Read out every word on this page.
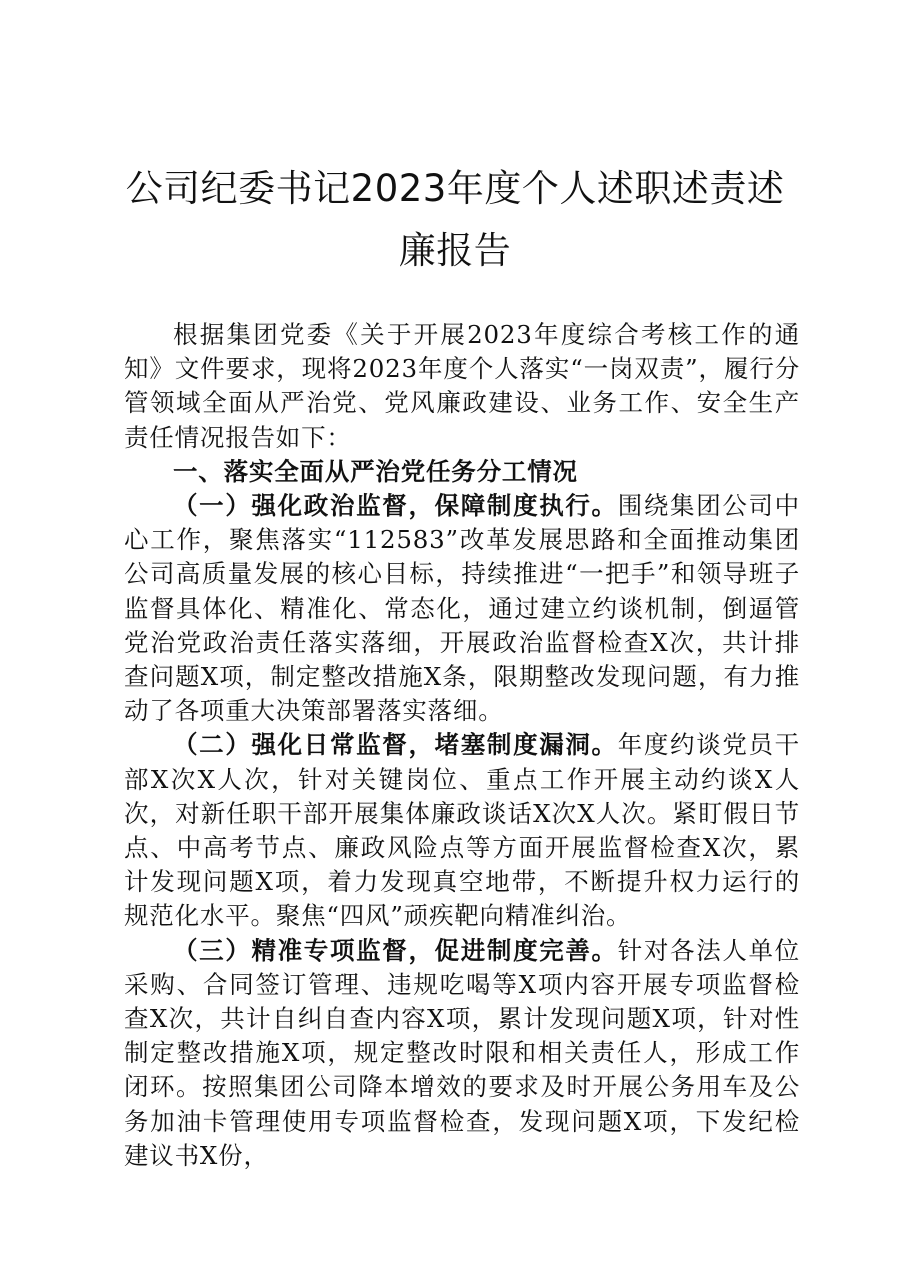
公司纪委书记2023年度个人述职述责述廉报告

根据集团党委《关于开展2023年度综合考核工作的通知》文件要求，现将2023年度个人落实“一岗双责”，履行分管领域全面从严治党、党风廉政建设、业务工作、安全生产责任情况报告如下：

一、落实全面从严治党任务分工情况

（一）强化政治监督，保障制度执行。围绕集团公司中心工作，聚焦落实“112583”改革发展思路和全面推动集团公司高质量发展的核心目标，持续推进“一把手”和领导班子监督具体化、精准化、常态化，通过建立约谈机制，倒逼管党治党政治责任落实落细，开展政治监督检查X次，共计排查问题X项，制定整改措施X条，限期整改发现问题，有力推动了各项重大决策部署落实落细。

（二）强化日常监督，堵塞制度漏洞。年度约谈党员干部X次X人次，针对关键岗位、重点工作开展主动约谈X人次，对新任职干部开展集体廉政谈话X次X人次。紧盯假日节点、中高考节点、廉政风险点等方面开展监督检查X次，累计发现问题X项，着力发现真空地带，不断提升权力运行的规范化水平。聚焦“四风”顽疾靶向精准纠治。

（三）精准专项监督，促进制度完善。针对各法人单位采购、合同签订管理、违规吃喝等X项内容开展专项监督检查X次，共计自纠自查内容X项，累计发现问题X项，针对性制定整改措施X项，规定整改时限和相关责任人，形成工作闭环。按照集团公司降本增效的要求及时开展公务用车及公务加油卡管理使用专项监督检查，发现问题X项，下发纪检建议书X份，
